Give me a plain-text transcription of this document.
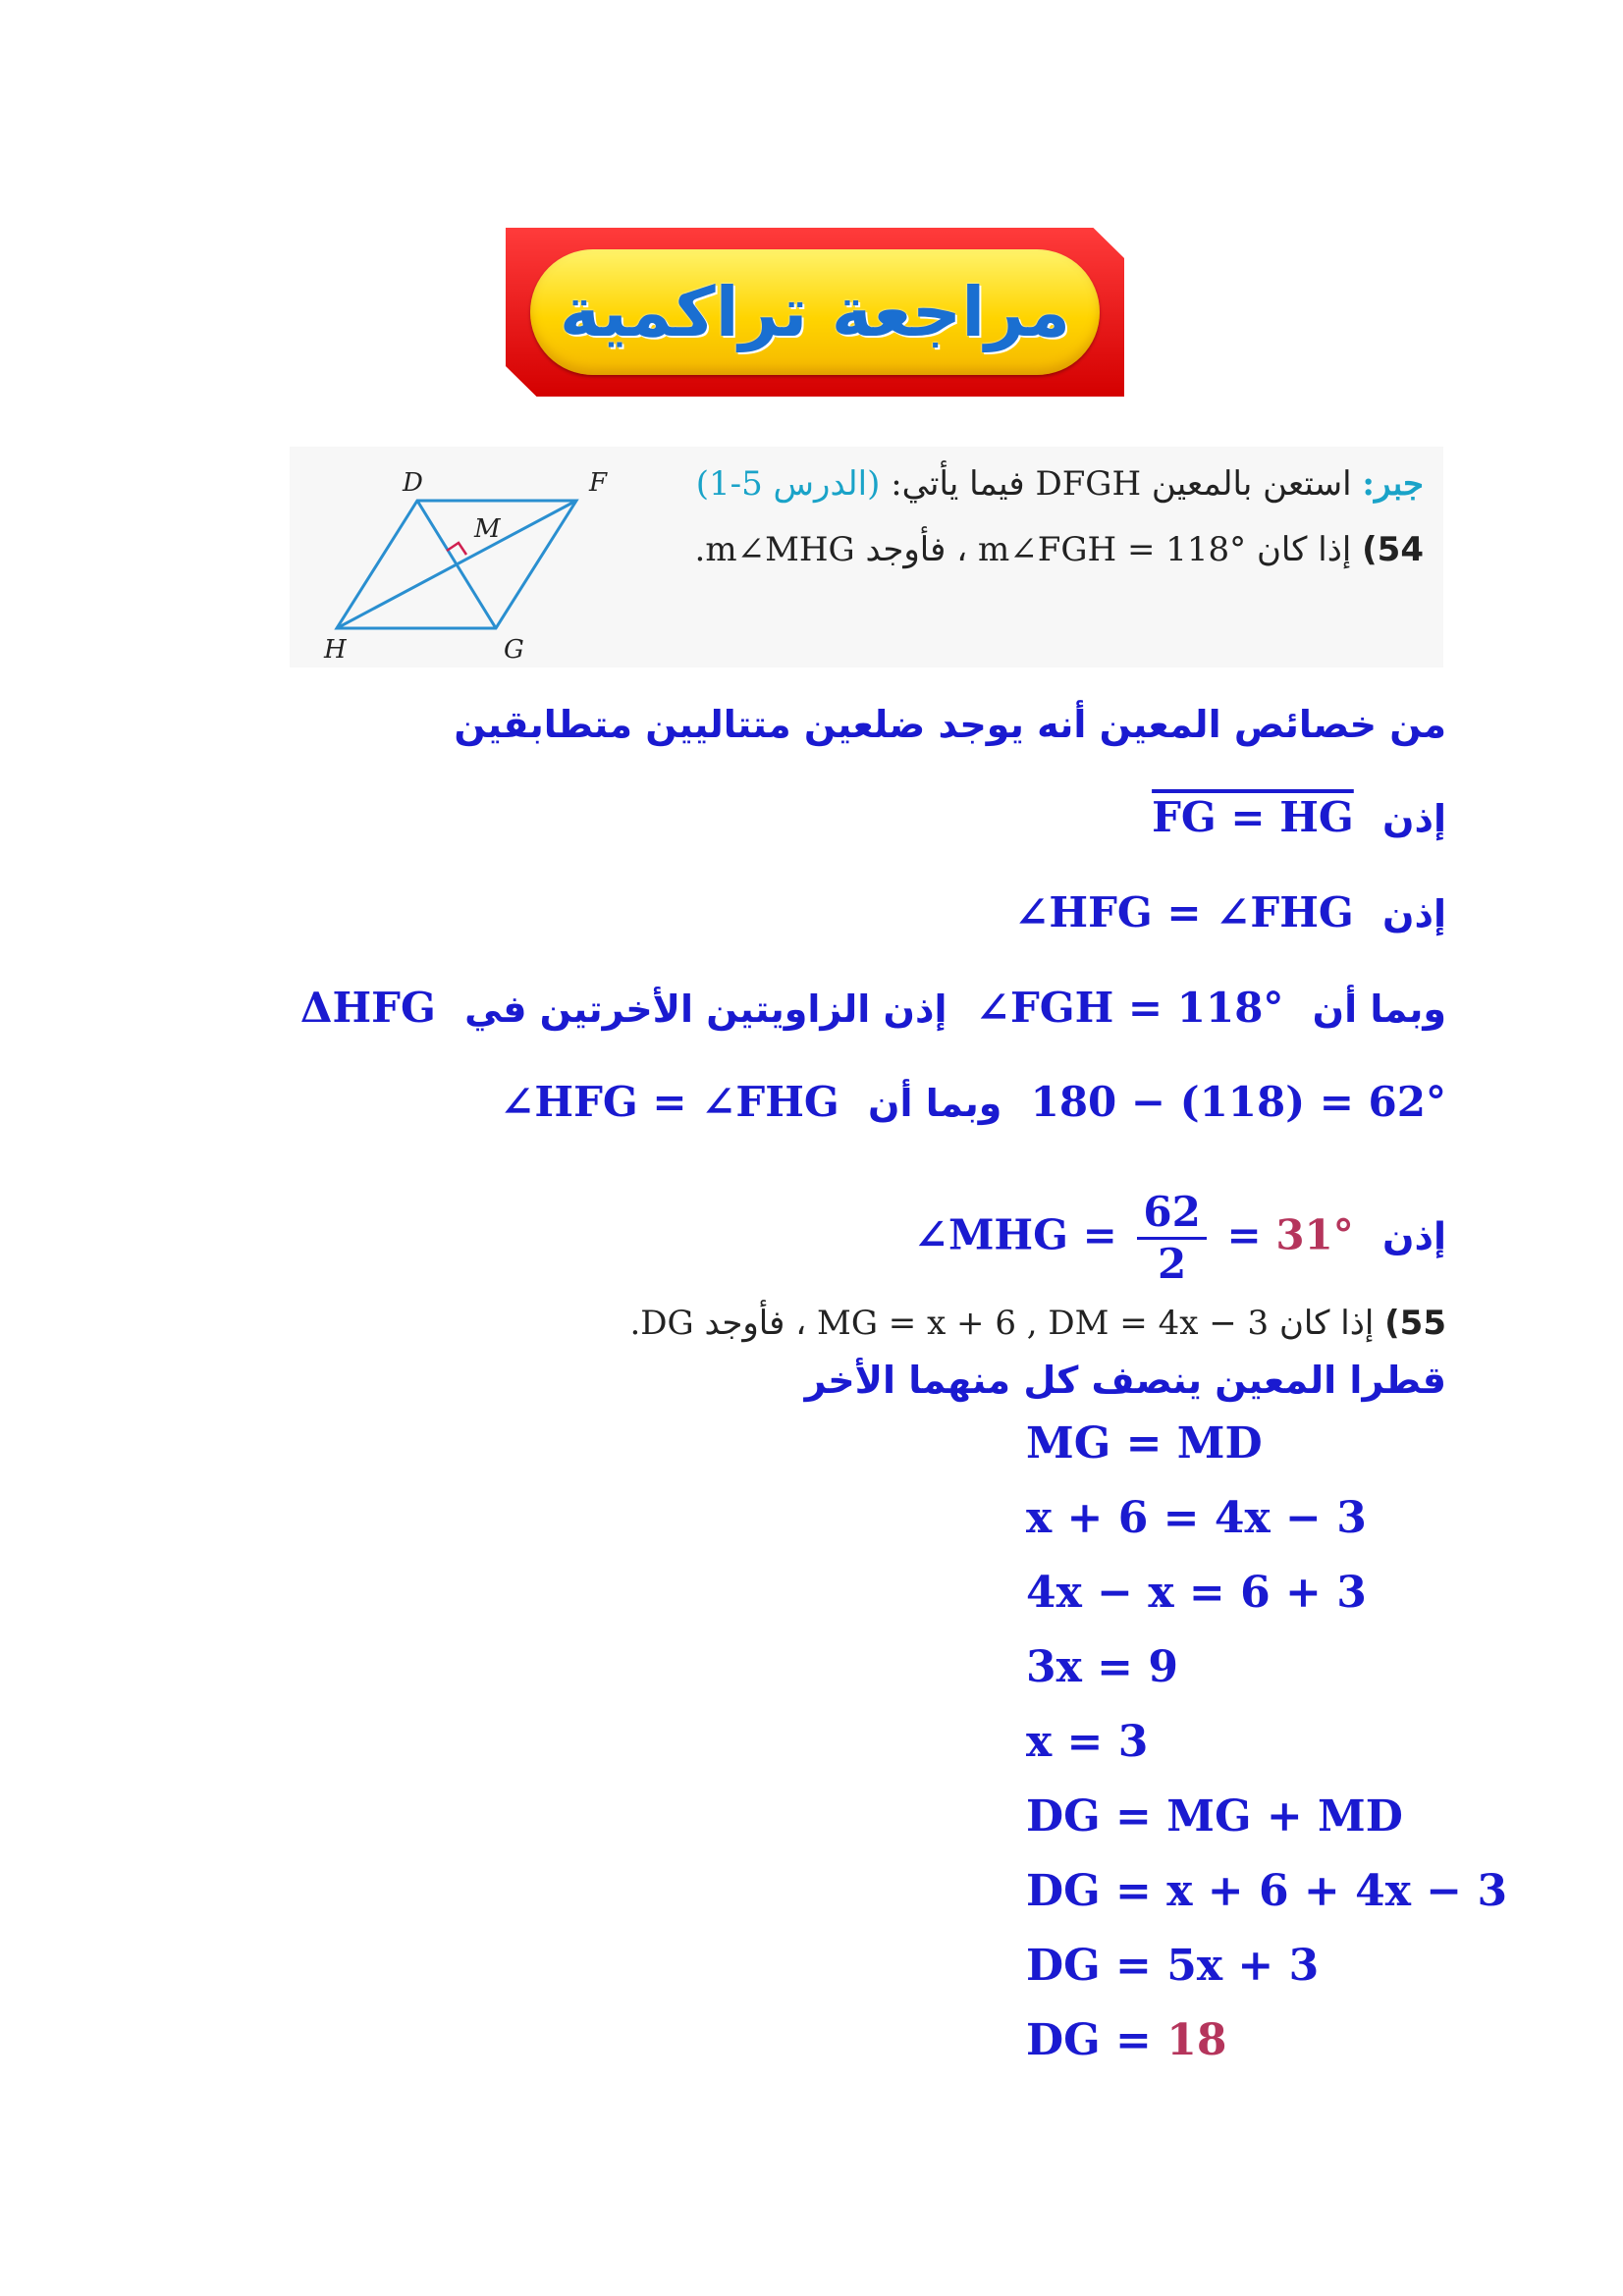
مراجعة تراكمية
D	F
M
H	G
جبر: استعن بالمعين DFGH فيما يأتي: (الدرس 5-1)
54) إذا كان m∠FGH = 118° ، فأوجد m∠MHG.
من خصائص المعين أنه يوجد ضلعين متتاليين متطابقين
إذن  FG = HG
إذن  ∠HFG = ∠FHG
وبما أن  ∠FGH = 118°  إذن الزاويتين الأخرتين في  ΔHFG
180 − (118) = 62°  وبما أن  ∠HFG = ∠FHG
إذن  ∠MHG = $\frac{62}{2} = 31^\circ$
55) إذا كان MG = x + 6 , DM = 4x − 3 ، فأوجد DG.
قطرا المعين ينصف كل منهما الأخر
MG = MD
x + 6 = 4x − 3
4x − x = 6 + 3
3x = 9
x = 3
DG = MG + MD
DG = x + 6 + 4x − 3
DG = 5x + 3
DG = 18
